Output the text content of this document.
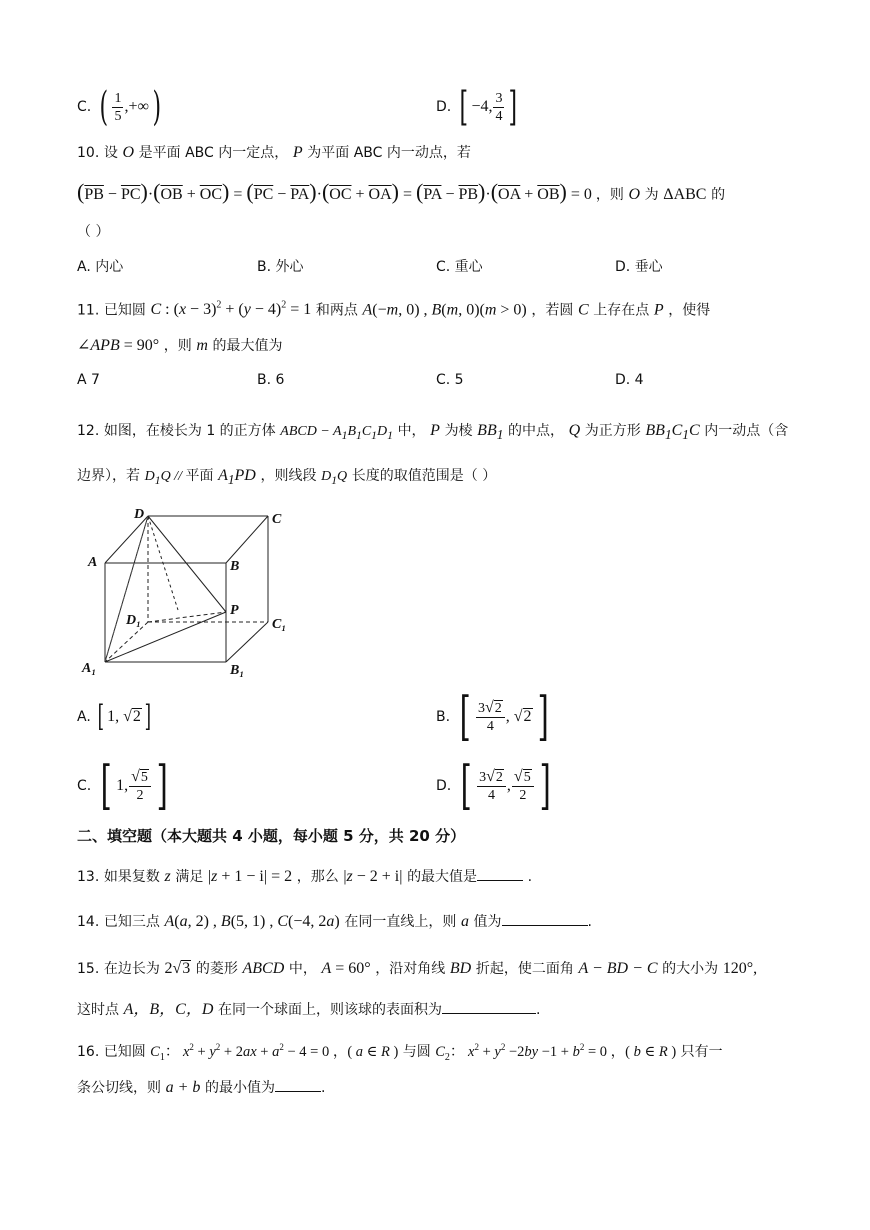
C. ( $\frac{1}{5}$ ,+∞)	D. [ −4, $\frac{3}{4}$ ]
10. 设 O 是平面 ABC 内一定点， P 为平面 ABC 内一动点，若
$(\overline{PB} - \overline{PC})\cdot(\overline{OB} + \overline{OC}) = (\overline{PC} - \overline{PA})\cdot(\overline{OC} + \overline{OA}) = (\overline{PA} - \overline{PB})\cdot(\overline{OA} + \overline{OB}) = 0$ ，则 O 为 ΔABC 的
（ ）
A. 内心	B. 外心	C. 重心	D. 垂心
11. 已知圆 C : $(x - 3)^2 + (y - 4)^2 = 1$ 和两点 A(−m, 0) , B(m, 0)(m > 0) ，若圆 C 上存在点 P ，使得
∠APB = 90° ，则 m 的最大值为
A 7	B. 6	C. 5	D. 4
12. 如图，在棱长为 1 的正方体 ABCD − $A_1B_1C_1D_1$ 中， P 为棱 $BB_1$ 的中点， Q 为正方形 $BB_1C_1C$ 内一动点（含
边界），若 $D_1Q$ // 平面 $A_1PD$ ，则线段 $D_1Q$ 长度的取值范围是（ ）
D	C
A	B
P
D₁	C₁
A₁	B₁
A. [ 1, √2 ]	B. [ $\frac{3√2}{4}$ , √2 ]
C. [ 1, $\frac{√5}{2}$ ]	D. [ $\frac{3√2}{4}$ , $\frac{√5}{2}$ ]
二、填空题（本大题共 4 小题，每小题 5 分，共 20 分）
13. 如果复数 z 满足 |z + 1 − i| = 2 ，那么 |z − 2 + i| 的最大值是	.
14. 已知三点 A(a, 2) , B(5, 1) , C(−4, 2a) 在同一直线上，则 a 值为	.
15. 在边长为 2√3 的菱形 ABCD 中， A = 60° ，沿对角线 BD 折起，使二面角 A − BD − C 的大小为 120°,
这时点 A，B，C，D 在同一个球面上，则该球的表面积为	.
16. 已知圆 $C_1$： $x^2 + y^2 + 2ax + a^2 - 4 = 0$ ，( a ∈ R ) 与圆 $C_2$： $x^2 + y^2 -2by -1 + b^2 = 0$ ，( b ∈ R ) 只有一
条公切线，则 a + b 的最小值为	.
